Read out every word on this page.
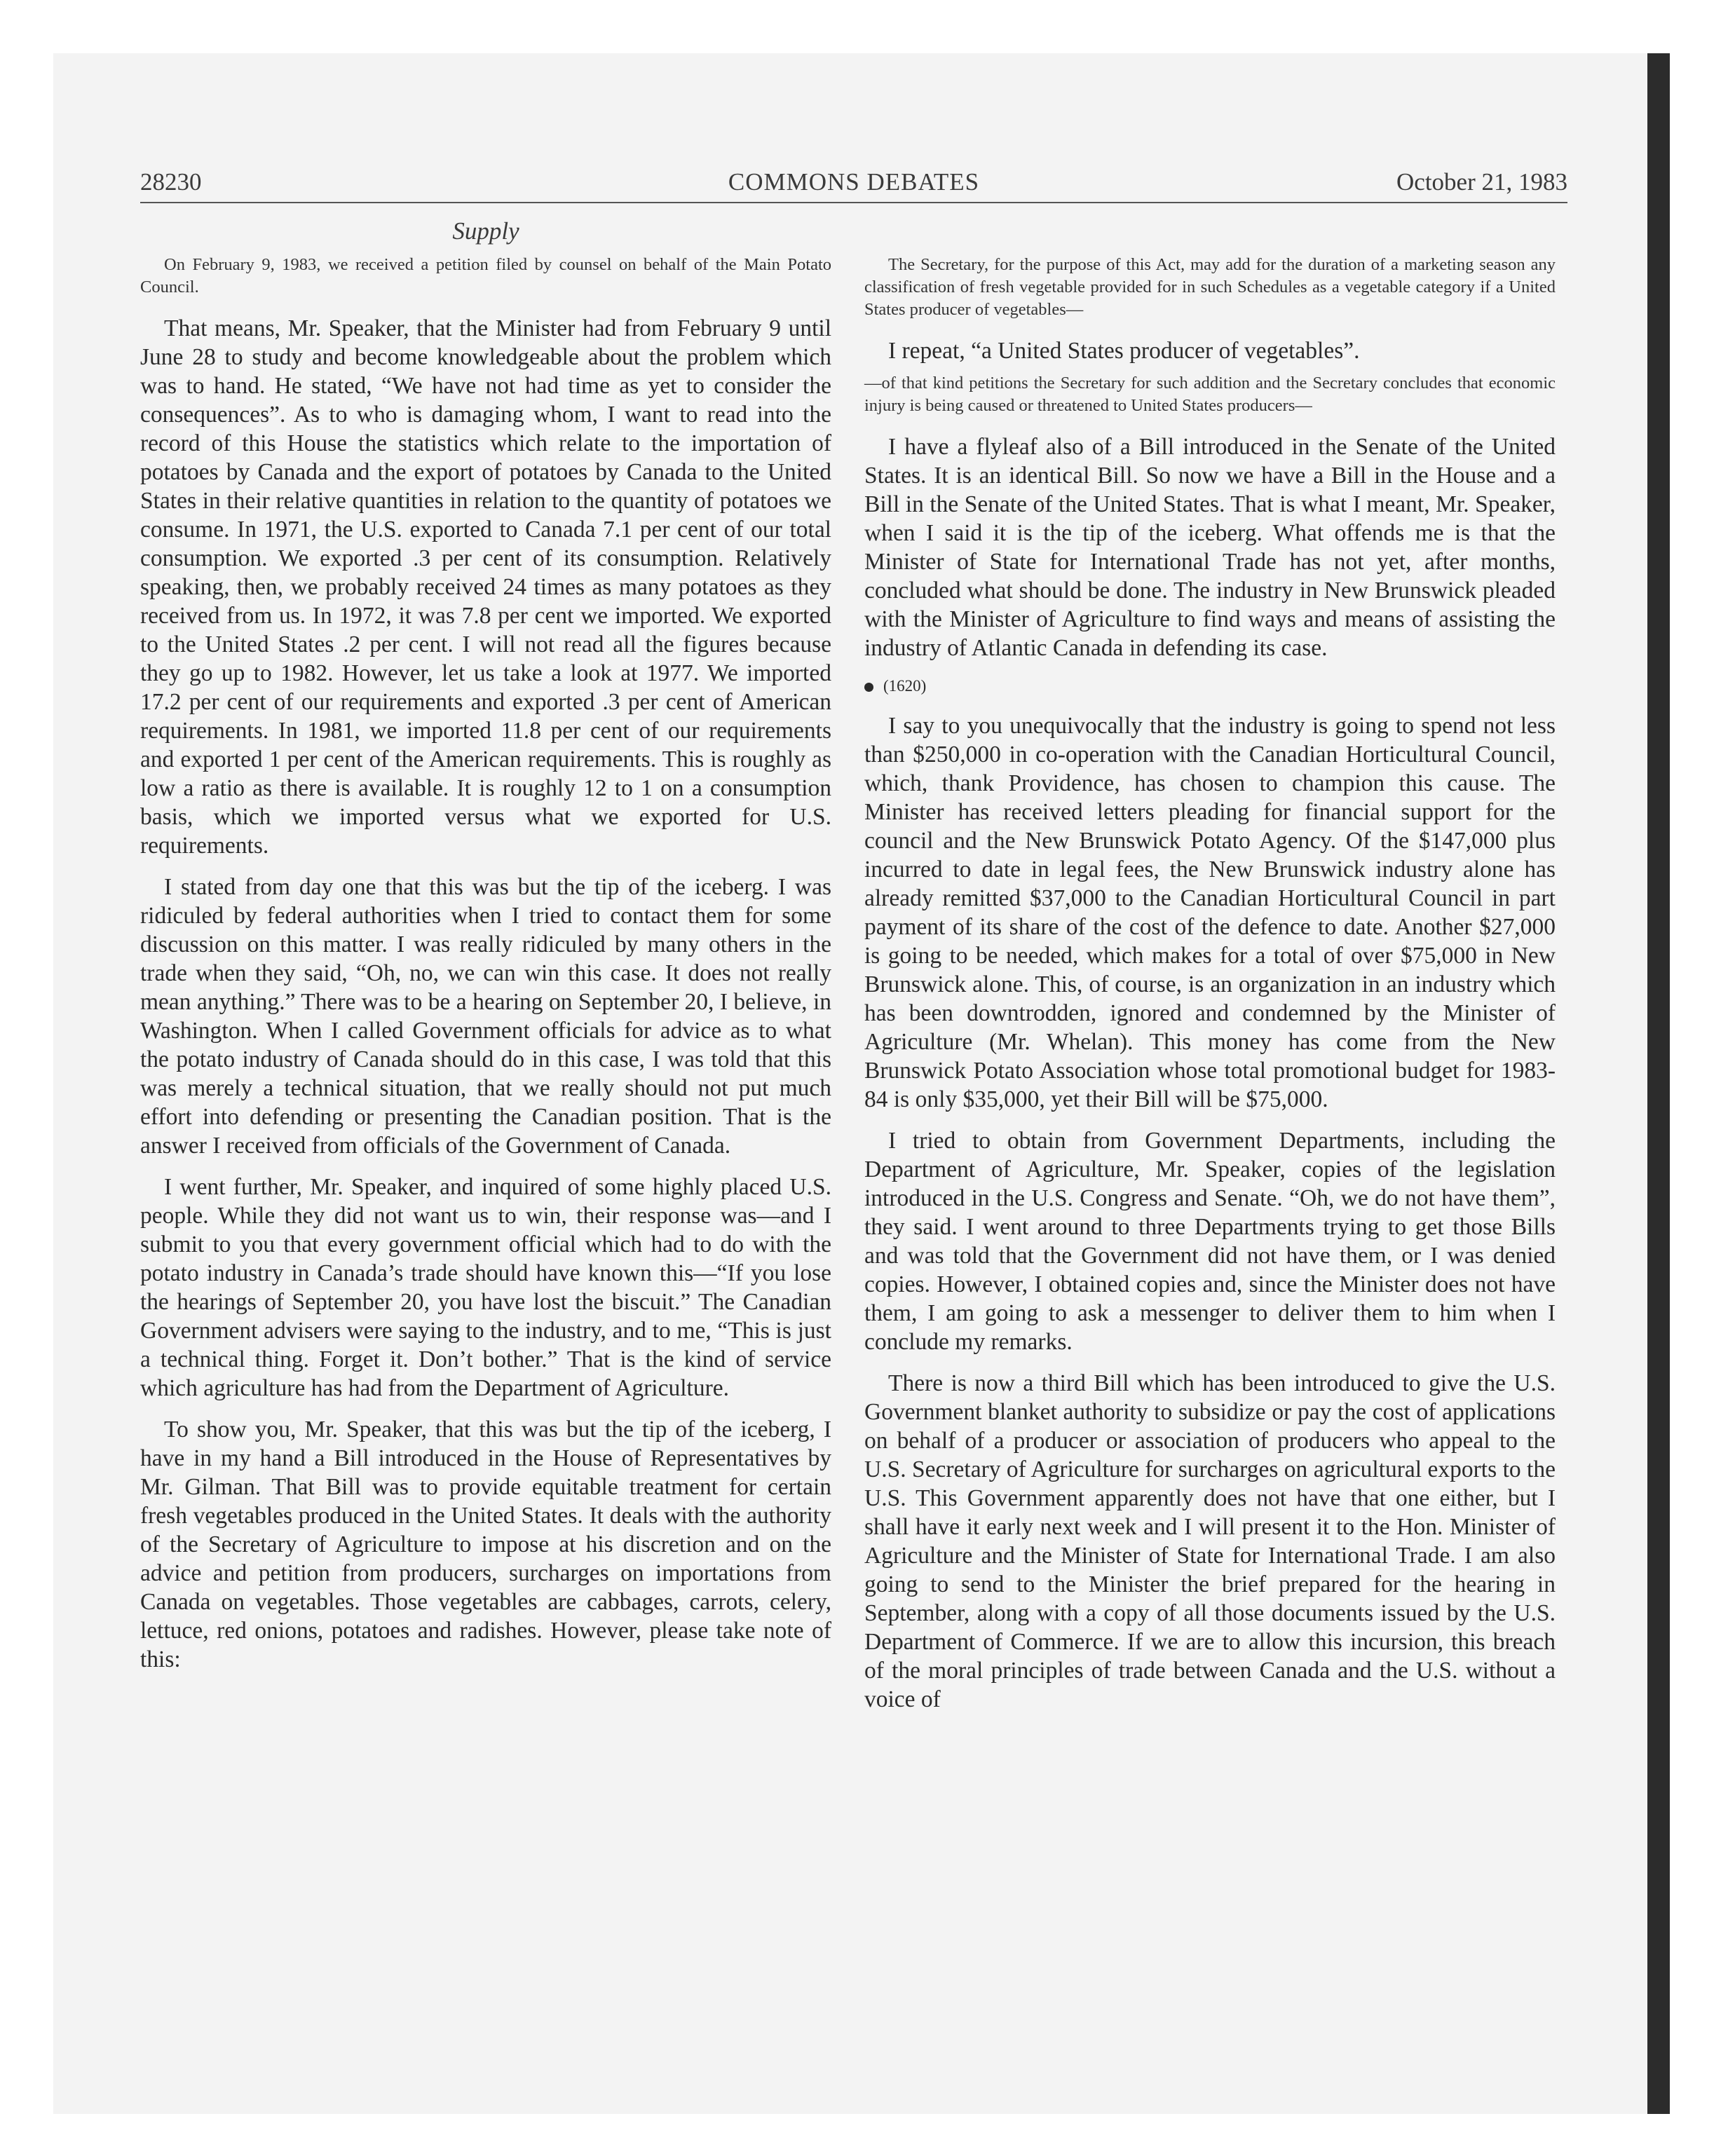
28230	COMMONS DEBATES	October 21, 1983
Supply

On February 9, 1983, we received a petition filed by counsel on behalf of the Main Potato Council.

That means, Mr. Speaker, that the Minister had from February 9 until June 28 to study and become knowledgeable about the problem which was to hand. He stated, “We have not had time as yet to consider the consequences”. As to who is damaging whom, I want to read into the record of this House the statistics which relate to the importation of potatoes by Canada and the export of potatoes by Canada to the United States in their relative quantities in relation to the quantity of potatoes we consume. In 1971, the U.S. exported to Canada 7.1 per cent of our total consumption. We exported .3 per cent of its consumption. Relatively speaking, then, we probably received 24 times as many potatoes as they received from us. In 1972, it was 7.8 per cent we imported. We exported to the United States .2 per cent. I will not read all the figures because they go up to 1982. However, let us take a look at 1977. We imported 17.2 per cent of our requirements and exported .3 per cent of American requirements. In 1981, we imported 11.8 per cent of our requirements and exported 1 per cent of the American requirements. This is roughly as low a ratio as there is available. It is roughly 12 to 1 on a consumption basis, which we imported versus what we exported for U.S. requirements.

I stated from day one that this was but the tip of the iceberg. I was ridiculed by federal authorities when I tried to contact them for some discussion on this matter. I was really ridiculed by many others in the trade when they said, “Oh, no, we can win this case. It does not really mean anything.” There was to be a hearing on September 20, I believe, in Washington. When I called Government officials for advice as to what the potato industry of Canada should do in this case, I was told that this was merely a technical situation, that we really should not put much effort into defending or presenting the Canadian position. That is the answer I received from officials of the Government of Canada.

I went further, Mr. Speaker, and inquired of some highly placed U.S. people. While they did not want us to win, their response was—and I submit to you that every government official which had to do with the potato industry in Canada’s trade should have known this—“If you lose the hearings of September 20, you have lost the biscuit.” The Canadian Government advisers were saying to the industry, and to me, “This is just a technical thing. Forget it. Don’t bother.” That is the kind of service which agriculture has had from the Department of Agriculture.

To show you, Mr. Speaker, that this was but the tip of the iceberg, I have in my hand a Bill introduced in the House of Representatives by Mr. Gilman. That Bill was to provide equitable treatment for certain fresh vegetables produced in the United States. It deals with the authority of the Secretary of Agriculture to impose at his discretion and on the advice and petition from producers, surcharges on importations from Canada on vegetables. Those vegetables are cabbages, carrots, celery, lettuce, red onions, potatoes and radishes. However, please take note of this:

The Secretary, for the purpose of this Act, may add for the duration of a marketing season any classification of fresh vegetable provided for in such Schedules as a vegetable category if a United States producer of vegetables—

I repeat, “a United States producer of vegetables”.

—of that kind petitions the Secretary for such addition and the Secretary concludes that economic injury is being caused or threatened to United States producers—

I have a flyleaf also of a Bill introduced in the Senate of the United States. It is an identical Bill. So now we have a Bill in the House and a Bill in the Senate of the United States. That is what I meant, Mr. Speaker, when I said it is the tip of the iceberg. What offends me is that the Minister of State for International Trade has not yet, after months, concluded what should be done. The industry in New Brunswick pleaded with the Minister of Agriculture to find ways and means of assisting the industry of Atlantic Canada in defending its case.

(1620)

I say to you unequivocally that the industry is going to spend not less than $250,000 in co-operation with the Canadian Horticultural Council, which, thank Providence, has chosen to champion this cause. The Minister has received letters pleading for financial support for the council and the New Brunswick Potato Agency. Of the $147,000 plus incurred to date in legal fees, the New Brunswick industry alone has already remitted $37,000 to the Canadian Horticultural Council in part payment of its share of the cost of the defence to date. Another $27,000 is going to be needed, which makes for a total of over $75,000 in New Brunswick alone. This, of course, is an organization in an industry which has been downtrodden, ignored and condemned by the Minister of Agriculture (Mr. Whelan). This money has come from the New Brunswick Potato Association whose total promotional budget for 1983-84 is only $35,000, yet their Bill will be $75,000.

I tried to obtain from Government Departments, including the Department of Agriculture, Mr. Speaker, copies of the legislation introduced in the U.S. Congress and Senate. “Oh, we do not have them”, they said. I went around to three Departments trying to get those Bills and was told that the Government did not have them, or I was denied copies. However, I obtained copies and, since the Minister does not have them, I am going to ask a messenger to deliver them to him when I conclude my remarks.

There is now a third Bill which has been introduced to give the U.S. Government blanket authority to subsidize or pay the cost of applications on behalf of a producer or association of producers who appeal to the U.S. Secretary of Agriculture for surcharges on agricultural exports to the U.S. This Government apparently does not have that one either, but I shall have it early next week and I will present it to the Hon. Minister of Agriculture and the Minister of State for International Trade. I am also going to send to the Minister the brief prepared for the hearing in September, along with a copy of all those documents issued by the U.S. Department of Commerce. If we are to allow this incursion, this breach of the moral principles of trade between Canada and the U.S. without a voice of
